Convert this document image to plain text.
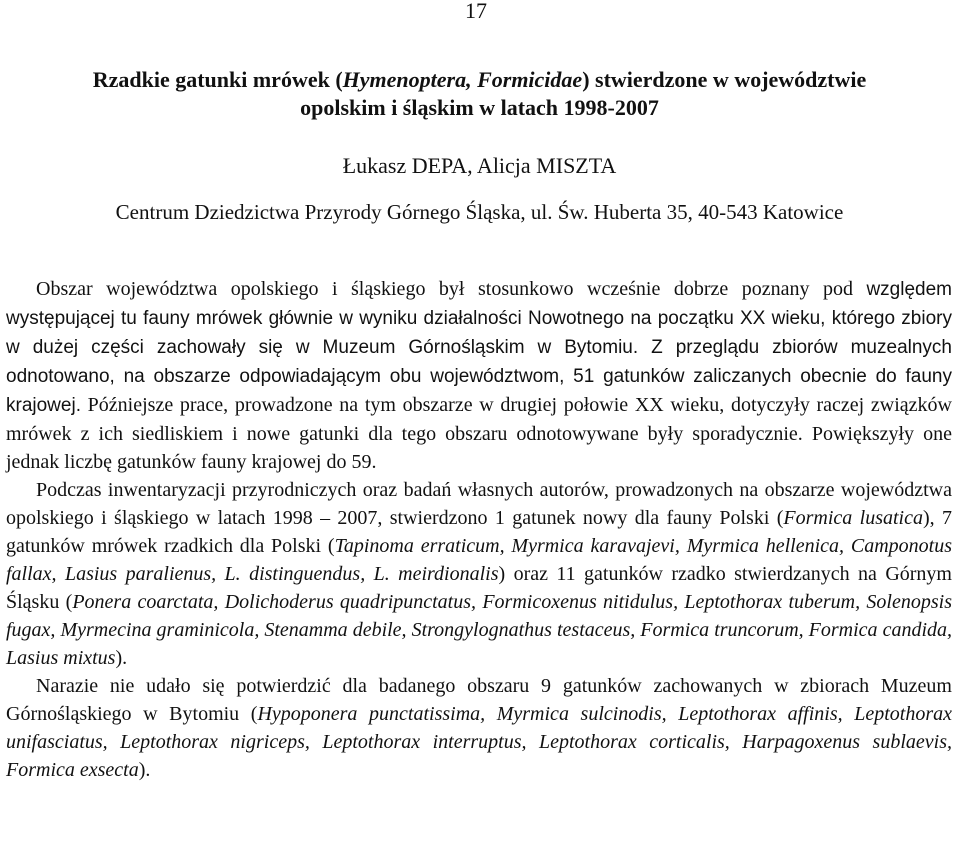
17
Rzadkie gatunki mrówek (Hymenoptera, Formicidae) stwierdzone w województwie
opolskim i śląskim w latach 1998-2007
Łukasz DEPA, Alicja MISZTA
Centrum Dziedzictwa Przyrody Górnego Śląska, ul. Św. Huberta 35, 40-543 Katowice

Obszar województwa opolskiego i śląskiego był stosunkowo wcześnie dobrze poznany pod względem występującej tu fauny mrówek głównie w wyniku działalności Nowotnego na początku XX wieku, którego zbiory w dużej części zachowały się w Muzeum Górnośląskim w Bytomiu. Z przeglądu zbiorów muzealnych odnotowano, na obszarze odpowiadającym obu województwom, 51 gatunków zaliczanych obecnie do fauny krajowej. Późniejsze prace, prowadzone na tym obszarze w drugiej połowie XX wieku, dotyczyły raczej związków mrówek z ich siedliskiem i nowe gatunki dla tego obszaru odnotowywane były sporadycznie. Powiększyły one jednak liczbę gatunków fauny krajowej do 59.

Podczas inwentaryzacji przyrodniczych oraz badań własnych autorów, prowadzonych na obszarze województwa opolskiego i śląskiego w latach 1998 – 2007, stwierdzono 1 gatunek nowy dla fauny Polski (Formica lusatica), 7 gatunków mrówek rzadkich dla Polski (Tapinoma erraticum, Myrmica karavajevi, Myrmica hellenica, Camponotus fallax, Lasius paralienus, L. distinguendus, L. meirdionalis) oraz 11 gatunków rzadko stwierdzanych na Górnym Śląsku (Ponera coarctata, Dolichoderus quadripunctatus, Formicoxenus nitidulus, Leptothorax tuberum, Solenopsis fugax, Myrmecina graminicola, Stenamma debile, Strongylognathus testaceus, Formica truncorum, Formica candida, Lasius mixtus).

Narazie nie udało się potwierdzić dla badanego obszaru 9 gatunków zachowanych w zbiorach Muzeum Górnośląskiego w Bytomiu (Hypoponera punctatissima, Myrmica sulcinodis, Leptothorax affinis, Leptothorax unifasciatus, Leptothorax nigriceps, Leptothorax interruptus, Leptothorax corticalis, Harpagoxenus sublaevis, Formica exsecta).
